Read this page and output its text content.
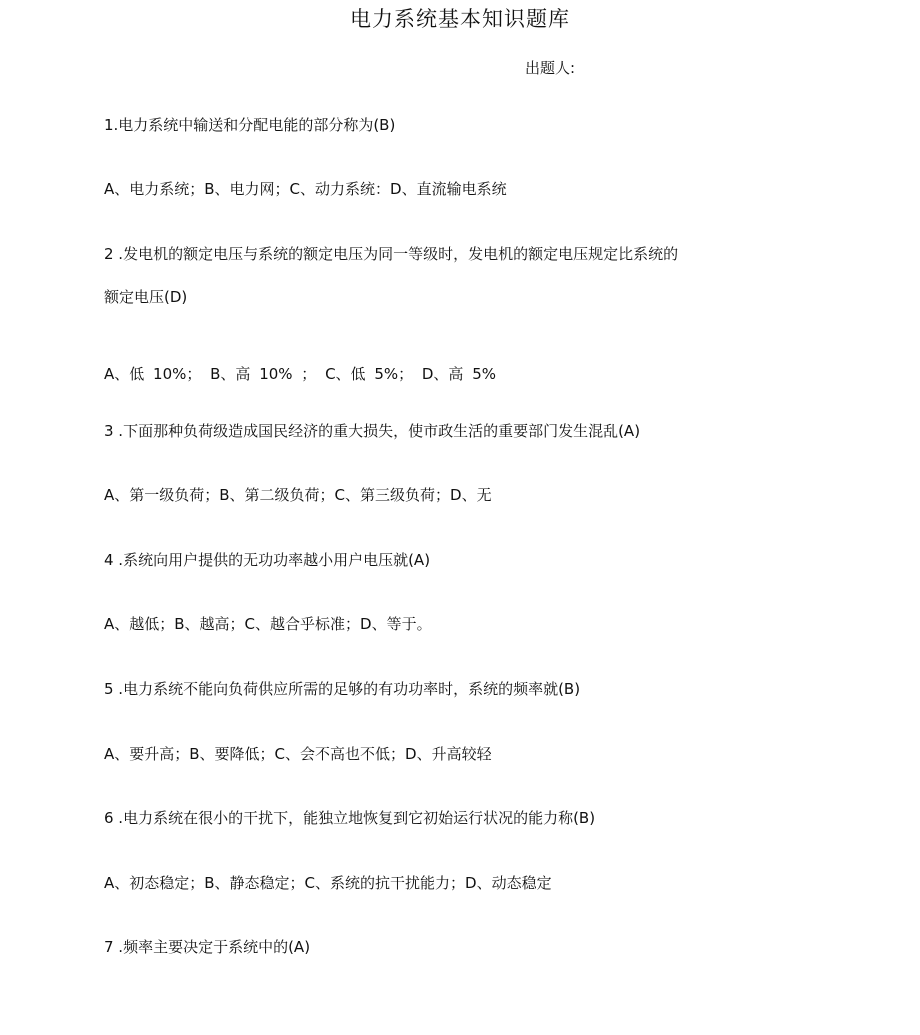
电力系统基本知识题库
出题人:
1.电力系统中输送和分配电能的部分称为(B)
A、电力系统；B、电力网；C、动力系统：D、直流输电系统
2 .发电机的额定电压与系统的额定电压为同一等级时，发电机的额定电压规定比系统的
额定电压(D)
A、低 10%； B、高 10% ； C、低 5%； D、高 5%
3 .下面那种负荷级造成国民经济的重大损失，使市政生活的重要部门发生混乱(A)
A、第一级负荷；B、第二级负荷；C、第三级负荷；D、无
4 .系统向用户提供的无功功率越小用户电压就(A)
A、越低；B、越高；C、越合乎标准；D、等于。
5 .电力系统不能向负荷供应所需的足够的有功功率时，系统的频率就(B)
A、要升高；B、要降低；C、会不高也不低；D、升高较轻
6 .电力系统在很小的干扰下，能独立地恢复到它初始运行状况的能力称(B)
A、初态稳定；B、静态稳定；C、系统的抗干扰能力；D、动态稳定
7 .频率主要决定于系统中的(A)
